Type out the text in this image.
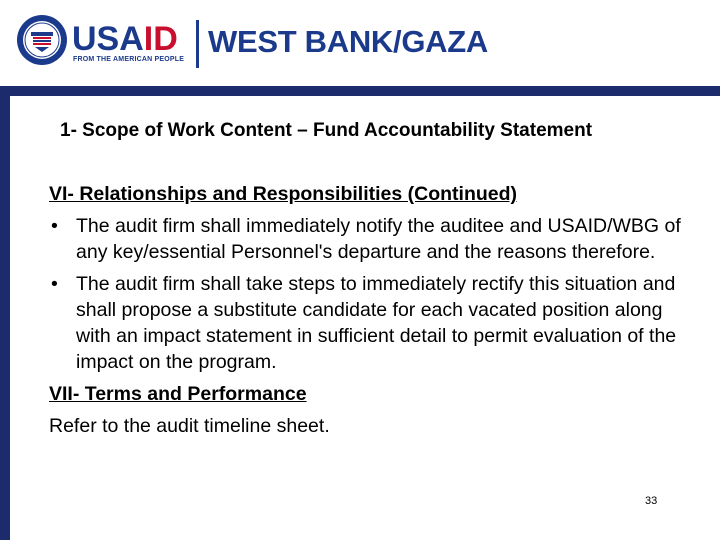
USAID
FROM THE AMERICAN PEOPLE
WEST BANK/GAZA
1- Scope of Work Content – Fund Accountability Statement

VI- Relationships and Responsibilities (Continued)

• The audit firm shall immediately notify the auditee and USAID/WBG of any key/essential Personnel's departure and the reasons therefore.

• The audit firm shall take steps to immediately rectify this situation and shall propose a substitute candidate for each vacated position along with an impact statement in sufficient detail to permit evaluation of the impact on the program.

VII- Terms and Performance

Refer to the audit timeline sheet.

33
